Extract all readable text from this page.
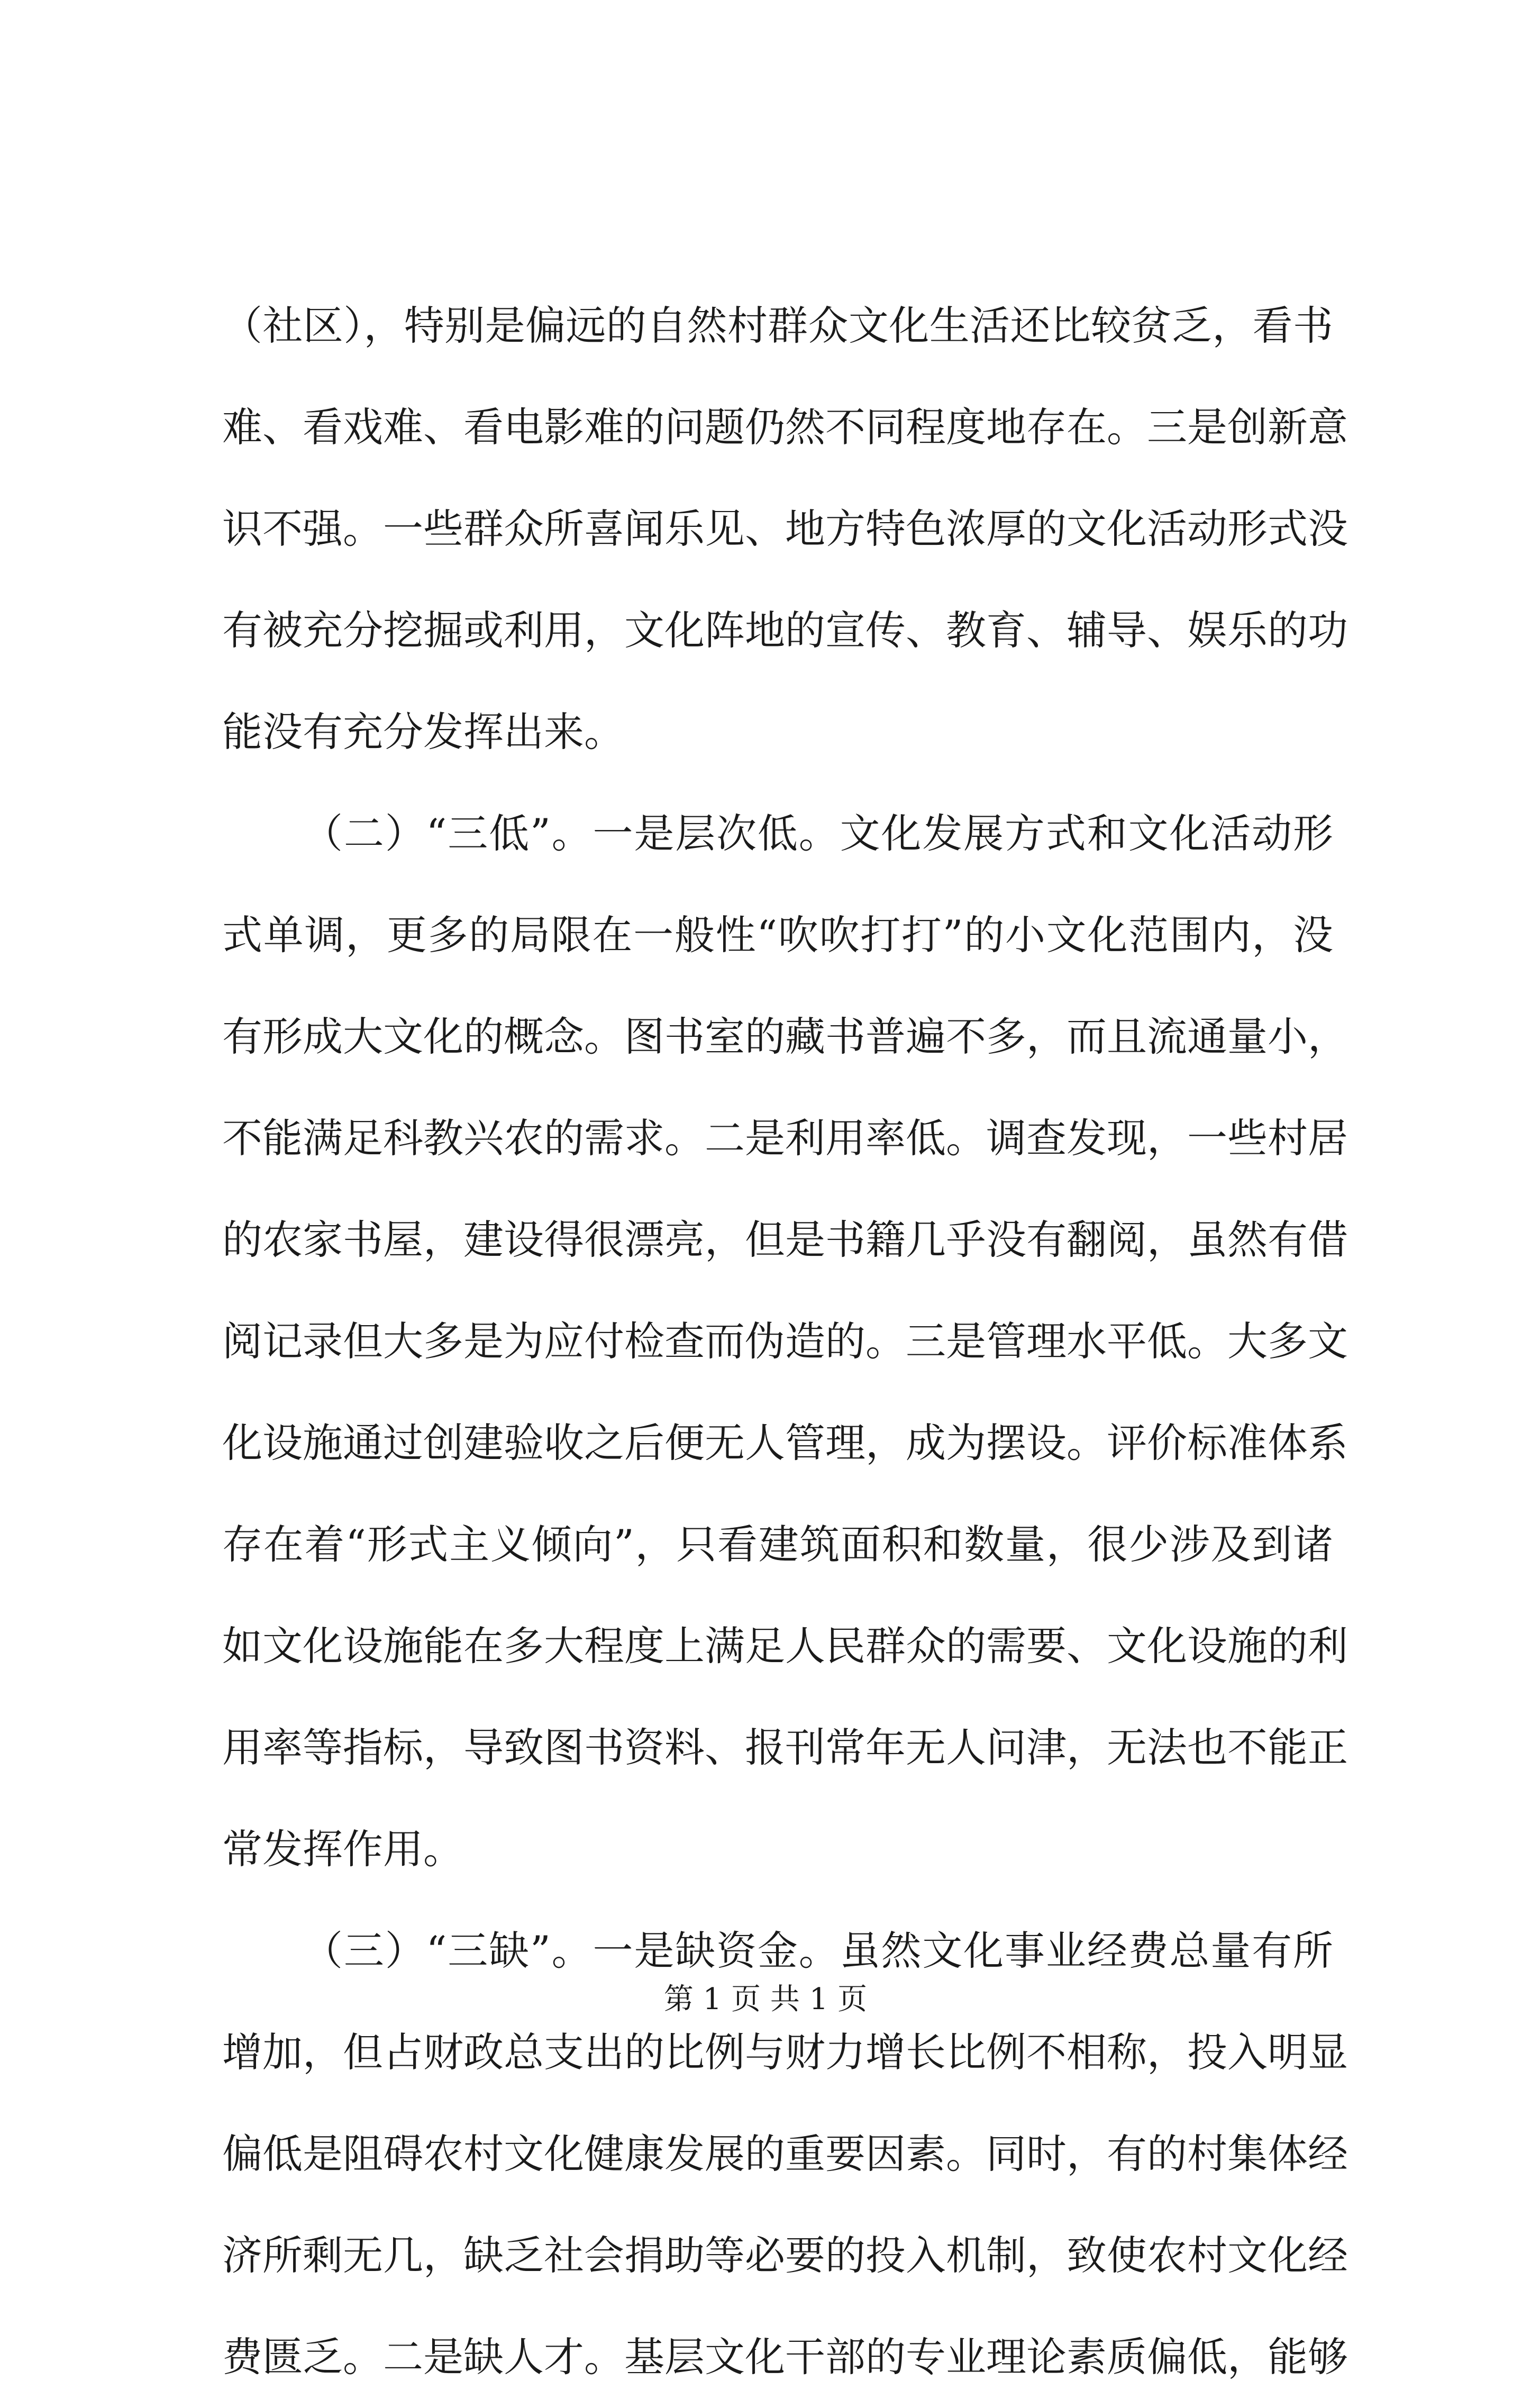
（社区），特别是偏远的自然村群众文化生活还比较贫乏，看书
难、看戏难、看电影难的问题仍然不同程度地存在。三是创新意
识不强。一些群众所喜闻乐见、地方特色浓厚的文化活动形式没
有被充分挖掘或利用，文化阵地的宣传、教育、辅导、娱乐的功
能没有充分发挥出来。
（二）“三低”。一是层次低。文化发展方式和文化活动形
式单调，更多的局限在一般性“吹吹打打”的小文化范围内，没
有形成大文化的概念。图书室的藏书普遍不多，而且流通量小，
不能满足科教兴农的需求。二是利用率低。调查发现，一些村居
的农家书屋，建设得很漂亮，但是书籍几乎没有翻阅，虽然有借
阅记录但大多是为应付检查而伪造的。三是管理水平低。大多文
化设施通过创建验收之后便无人管理，成为摆设。评价标准体系
存在着“形式主义倾向”，只看建筑面积和数量，很少涉及到诸
如文化设施能在多大程度上满足人民群众的需要、文化设施的利
用率等指标，导致图书资料、报刊常年无人问津，无法也不能正
常发挥作用。
（三）“三缺”。一是缺资金。虽然文化事业经费总量有所
增加，但占财政总支出的比例与财力增长比例不相称，投入明显
偏低是阻碍农村文化健康发展的重要因素。同时，有的村集体经
济所剩无几，缺乏社会捐助等必要的投入机制，致使农村文化经
费匮乏。二是缺人才。基层文化干部的专业理论素质偏低，能够
第 1 页 共 1 页
